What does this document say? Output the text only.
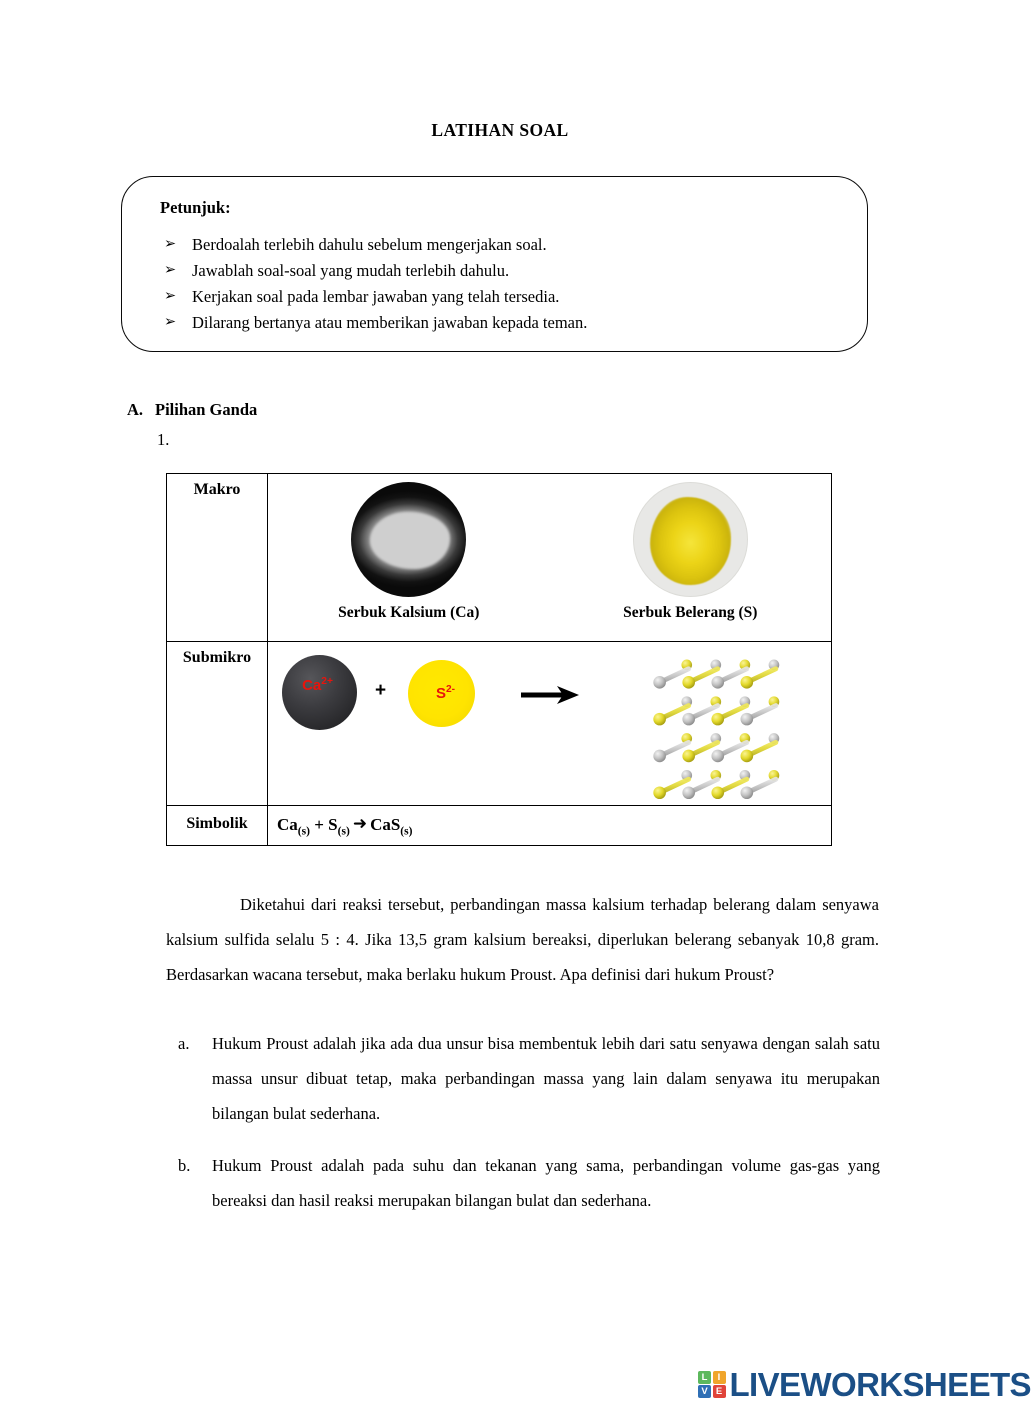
LATIHAN SOAL
Petunjuk:
➢ Berdoalah terlebih dahulu sebelum mengerjakan soal.
➢ Jawablah soal-soal yang mudah terlebih dahulu.
➢ Kerjakan soal pada lembar jawaban yang telah tersedia.
➢ Dilarang bertanya atau memberikan jawaban kepada teman.
A. Pilihan Ganda
1.
Makro	Serbuk Kalsium (Ca) Serbuk Belerang (S)

Submikro	$Ca^{2+} + S^{2-}$

Simbolik	$Ca_{(s)} + S_{(s)}$ ➜ CaS$_{(s)}$
Diketahui dari reaksi tersebut, perbandingan massa kalsium terhadap belerang dalam senyawa kalsium sulfida selalu 5 : 4. Jika 13,5 gram kalsium bereaksi, diperlukan belerang sebanyak 10,8 gram. Berdasarkan wacana tersebut, maka berlaku hukum Proust. Apa definisi dari hukum Proust?
a.	Hukum Proust adalah jika ada dua unsur bisa membentuk lebih dari satu senyawa dengan salah satu massa unsur dibuat tetap, maka perbandingan massa yang lain dalam senyawa itu merupakan bilangan bulat sederhana.
b.	Hukum Proust adalah pada suhu dan tekanan yang sama, perbandingan volume gas-gas yang bereaksi dan hasil reaksi merupakan bilangan bulat dan sederhana.
L	I
V E LIVEWORKSHEETS
